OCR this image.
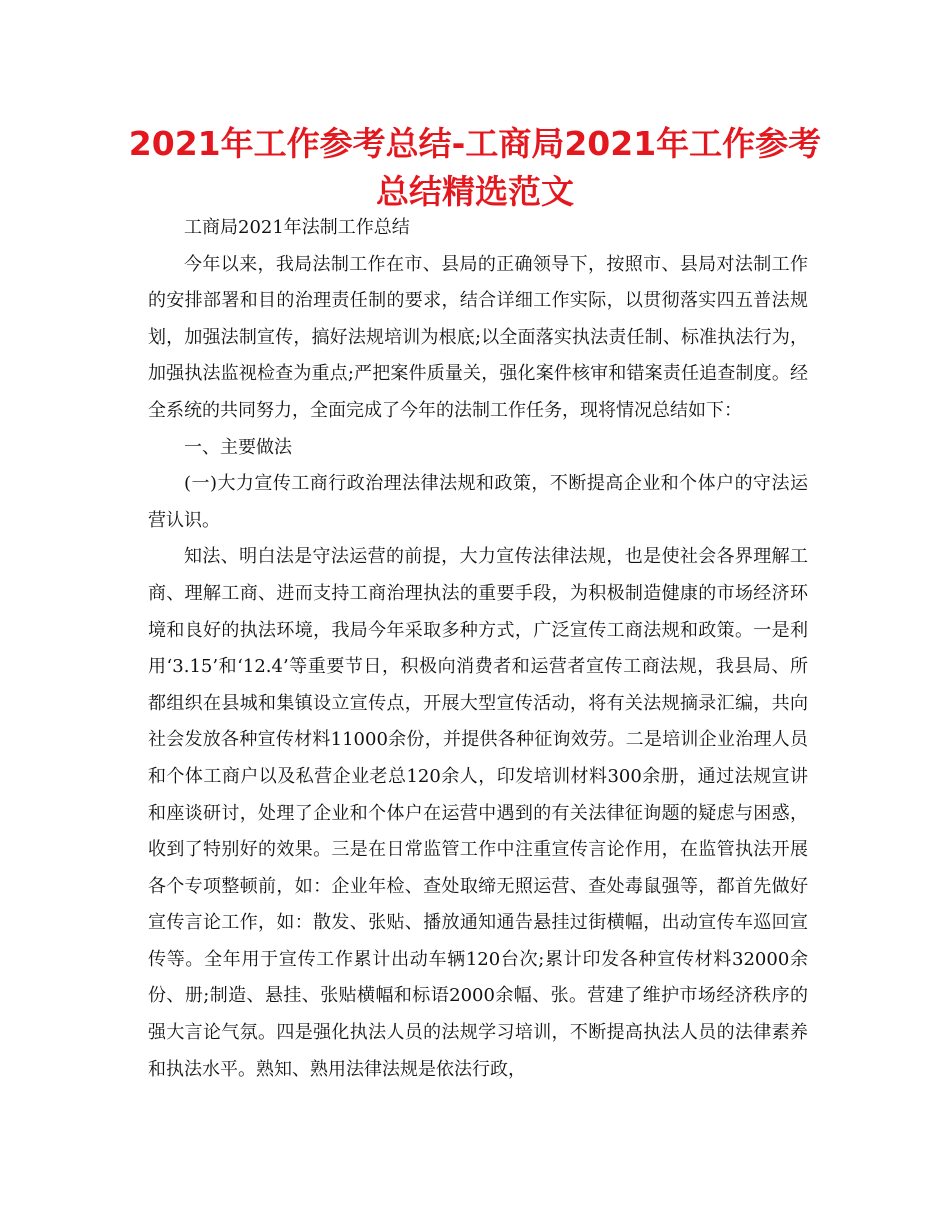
2021年工作参考总结-工商局2021年工作参考总结精选范文

工商局2021年法制工作总结

今年以来，我局法制工作在市、县局的正确领导下，按照市、县局对法制工作的安排部署和目的治理责任制的要求，结合详细工作实际，以贯彻落实四五普法规划，加强法制宣传，搞好法规培训为根底;以全面落实执法责任制、标准执法行为，加强执法监视检查为重点;严把案件质量关，强化案件核审和错案责任追查制度。经全系统的共同努力，全面完成了今年的法制工作任务，现将情况总结如下：

一、主要做法

(一)大力宣传工商行政治理法律法规和政策，不断提高企业和个体户的守法运营认识。

知法、明白法是守法运营的前提，大力宣传法律法规，也是使社会各界理解工商、理解工商、进而支持工商治理执法的重要手段，为积极制造健康的市场经济环境和良好的执法环境，我局今年采取多种方式，广泛宣传工商法规和政策。一是利用‘3.15’和‘12.4’等重要节日，积极向消费者和运营者宣传工商法规，我县局、所都组织在县城和集镇设立宣传点，开展大型宣传活动，将有关法规摘录汇编，共向社会发放各种宣传材料11000余份，并提供各种征询效劳。二是培训企业治理人员和个体工商户以及私营企业老总120余人，印发培训材料300余册，通过法规宣讲和座谈研讨，处理了企业和个体户在运营中遇到的有关法律征询题的疑虑与困惑，收到了特别好的效果。三是在日常监管工作中注重宣传言论作用，在监管执法开展各个专项整顿前，如：企业年检、查处取缔无照运营、查处毒鼠强等，都首先做好宣传言论工作，如：散发、张贴、播放通知通告悬挂过街横幅，出动宣传车巡回宣传等。全年用于宣传工作累计出动车辆120台次;累计印发各种宣传材料32000余份、册;制造、悬挂、张贴横幅和标语2000余幅、张。营建了维护市场经济秩序的强大言论气氛。四是强化执法人员的法规学习培训，不断提高执法人员的法律素养和执法水平。熟知、熟用法律法规是依法行政，
